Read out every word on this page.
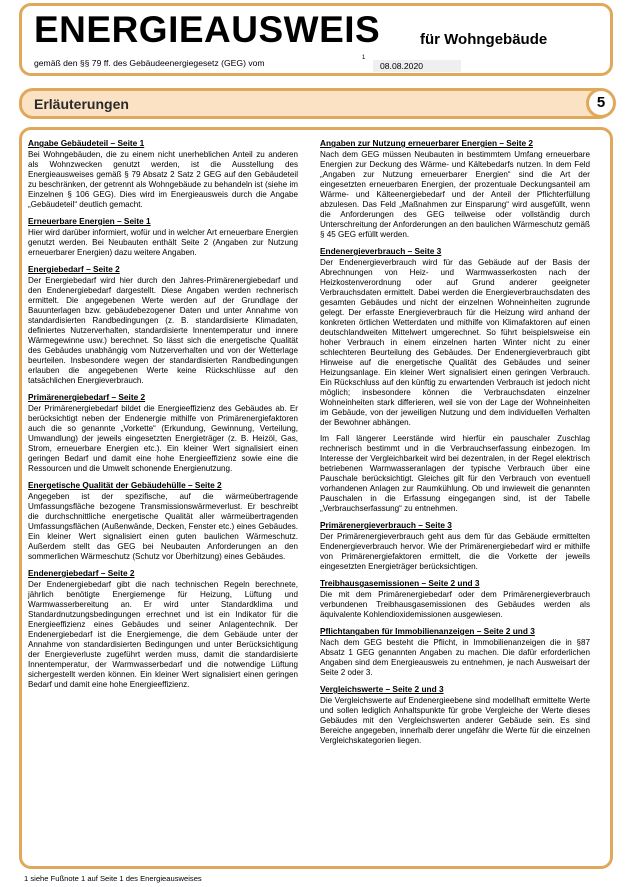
ENERGIEAUSWEIS	für Wohngebäude
gemäß den §§ 79 ff. des Gebäudeenergiegesetz (GEG) vom	1
08.08.2020
Erläuterungen	5
Angabe Gebäudeteil – Seite 1
Bei Wohngebäuden, die zu einem nicht unerheblichen Anteil zu anderen als Wohnzwecken genutzt werden, ist die Ausstellung des Energieausweises gemäß § 79 Absatz 2 Satz 2 GEG auf den Gebäudeteil zu beschränken, der getrennt als Wohngebäude zu behandeln ist (siehe im Einzelnen § 106 GEG). Dies wird im Energieausweis durch die Angabe „Gebäudeteil“ deutlich gemacht.
Erneuerbare Energien – Seite 1
Hier wird darüber informiert, wofür und in welcher Art erneuerbare Energien genutzt werden. Bei Neubauten enthält Seite 2 (Angaben zur Nutzung erneuerbarer Energien) dazu weitere Angaben.
Energiebedarf – Seite 2
Der Energiebedarf wird hier durch den Jahres-Primärenergiebedarf und den Endenergiebedarf dargestellt. Diese Angaben werden rechnerisch ermittelt. Die angegebenen Werte werden auf der Grundlage der Bauunterlagen bzw. gebäudebezogener Daten und unter Annahme von standardisierten Randbedingungen (z. B. standardisierte Klimadaten, definiertes Nutzerverhalten, standardisierte Innentemperatur und innere Wärmegewinne usw.) berechnet. So lässt sich die energetische Qualität des Gebäudes unabhängig vom Nutzerverhalten und von der Wetterlage beurteilen. Insbesondere wegen der standardisierten Randbedingungen erlauben die angegebenen Werte keine Rückschlüsse auf den tatsächlichen Energieverbrauch.
Primärenergiebedarf – Seite 2
Der Primärenergiebedarf bildet die Energieeffizienz des Gebäudes ab. Er berücksichtigt neben der Endenergie mithilfe von Primärenergiefaktoren auch die so genannte „Vorkette“ (Erkundung, Gewinnung, Verteilung, Umwandlung) der jeweils eingesetzten Energieträger (z. B. Heizöl, Gas, Strom, erneuerbare Energien etc.). Ein kleiner Wert signalisiert einen geringen Bedarf und damit eine hohe Energieeffizienz sowie eine die Ressourcen und die Umwelt schonende Energienutzung.
Energetische Qualität der Gebäudehülle – Seite 2
Angegeben ist der spezifische, auf die wärmeübertragende Umfassungsfläche bezogene Transmissionswärmeverlust. Er beschreibt die durchschnittliche energetische Qualität aller wärmeübertragenden Umfassungsflächen (Außenwände, Decken, Fenster etc.) eines Gebäudes. Ein kleiner Wert signalisiert einen guten baulichen Wärmeschutz. Außerdem stellt das GEG bei Neubauten Anforderungen an den sommerlichen Wärmeschutz (Schutz vor Überhitzung) eines Gebäudes.
Endenergiebedarf – Seite 2
Der Endenergiebedarf gibt die nach technischen Regeln berechnete, jährlich benötigte Energiemenge für Heizung, Lüftung und Warmwasserbereitung an. Er wird unter Standardklima und Standardnutzungsbedingungen errechnet und ist ein Indikator für die Energieeffizienz eines Gebäudes und seiner Anlagentechnik. Der Endenergiebedarf ist die Energiemenge, die dem Gebäude unter der Annahme von standardisierten Bedingungen und unter Berücksichtigung der Energieverluste zugeführt werden muss, damit die standardisierte Innentemperatur, der Warmwasserbedarf und die notwendige Lüftung sichergestellt werden können. Ein kleiner Wert signalisiert einen geringen Bedarf und damit eine hohe Energieeffizienz.
Angaben zur Nutzung erneuerbarer Energien – Seite 2
Nach dem GEG müssen Neubauten in bestimmtem Umfang erneuerbare Energien zur Deckung des Wärme- und Kältebedarfs nutzen. In dem Feld „Angaben zur Nutzung erneuerbarer Energien“ sind die Art der eingesetzten erneuerbaren Energien, der prozentuale Deckungsanteil am Wärme- und Kälteenergiebedarf und der Anteil der Pflichterfüllung abzulesen. Das Feld „Maßnahmen zur Einsparung“ wird ausgefüllt, wenn die Anforderungen des GEG teilweise oder vollständig durch Unterschreitung der Anforderungen an den baulichen Wärmeschutz gemäß § 45 GEG erfüllt werden.
Endenergieverbrauch – Seite 3
Der Endenergieverbrauch wird für das Gebäude auf der Basis der Abrechnungen von Heiz- und Warmwasserkosten nach der Heizkostenverordnung oder auf Grund anderer geeigneter Verbrauchsdaten ermittelt. Dabei werden die Energieverbrauchsdaten des gesamten Gebäudes und nicht der einzelnen Wohneinheiten zugrunde gelegt. Der erfasste Energieverbrauch für die Heizung wird anhand der konkreten örtlichen Wetterdaten und mithilfe von Klimafaktoren auf einen deutschlandweiten Mittelwert umgerechnet. So führt beispielsweise ein hoher Verbrauch in einem einzelnen harten Winter nicht zu einer schlechteren Beurteilung des Gebäudes. Der Endenergieverbrauch gibt Hinweise auf die energetische Qualität des Gebäudes und seiner Heizungsanlage. Ein kleiner Wert signalisiert einen geringen Verbrauch. Ein Rückschluss auf den künftig zu erwartenden Verbrauch ist jedoch nicht möglich; insbesondere können die Verbrauchsdaten einzelner Wohneinheiten stark differieren, weil sie von der Lage der Wohneinheiten im Gebäude, von der jeweiligen Nutzung und dem individuellen Verhalten der Bewohner abhängen.
Im Fall längerer Leerstände wird hierfür ein pauschaler Zuschlag rechnerisch bestimmt und in die Verbrauchserfassung einbezogen. Im Interesse der Vergleichbarkeit wird bei dezentralen, in der Regel elektrisch betriebenen Warmwasseranlagen der typische Verbrauch über eine Pauschale berücksichtigt. Gleiches gilt für den Verbrauch von eventuell vorhandenen Anlagen zur Raumkühlung. Ob und inwieweit die genannten Pauschalen in die Erfassung eingegangen sind, ist der Tabelle „Verbrauchserfassung“ zu entnehmen.
Primärenergieverbrauch – Seite 3
Der Primärenergieverbrauch geht aus dem für das Gebäude ermittelten Endenergieverbrauch hervor. Wie der Primärenergiebedarf wird er mithilfe von Primärenergiefaktoren ermittelt, die die Vorkette der jeweils eingesetzten Energieträger berücksichtigen.
Treibhausgasemissionen – Seite 2 und 3
Die mit dem Primärenergiebedarf oder dem Primärenergieverbrauch verbundenen Treibhausgasemissionen des Gebäudes werden als äquivalente Kohlendioxidemissionen ausgewiesen.
Pflichtangaben für Immobilienanzeigen – Seite 2 und 3
Nach dem GEG besteht die Pflicht, in Immobilienanzeigen die in §87 Absatz 1 GEG genannten Angaben zu machen. Die dafür erforderlichen Angaben sind dem Energieausweis zu entnehmen, je nach Ausweisart der Seite 2 oder 3.
Vergleichswerte – Seite 2 und 3
Die Vergleichswerte auf Endenergieebene sind modellhaft ermittelte Werte und sollen lediglich Anhaltspunkte für grobe Vergleiche der Werte dieses Gebäudes mit den Vergleichswerten anderer Gebäude sein. Es sind Bereiche angegeben, innerhalb derer ungefähr die Werte für die einzelnen Vergleichskategorien liegen.
1 siehe Fußnote 1 auf Seite 1 des Energieausweises
